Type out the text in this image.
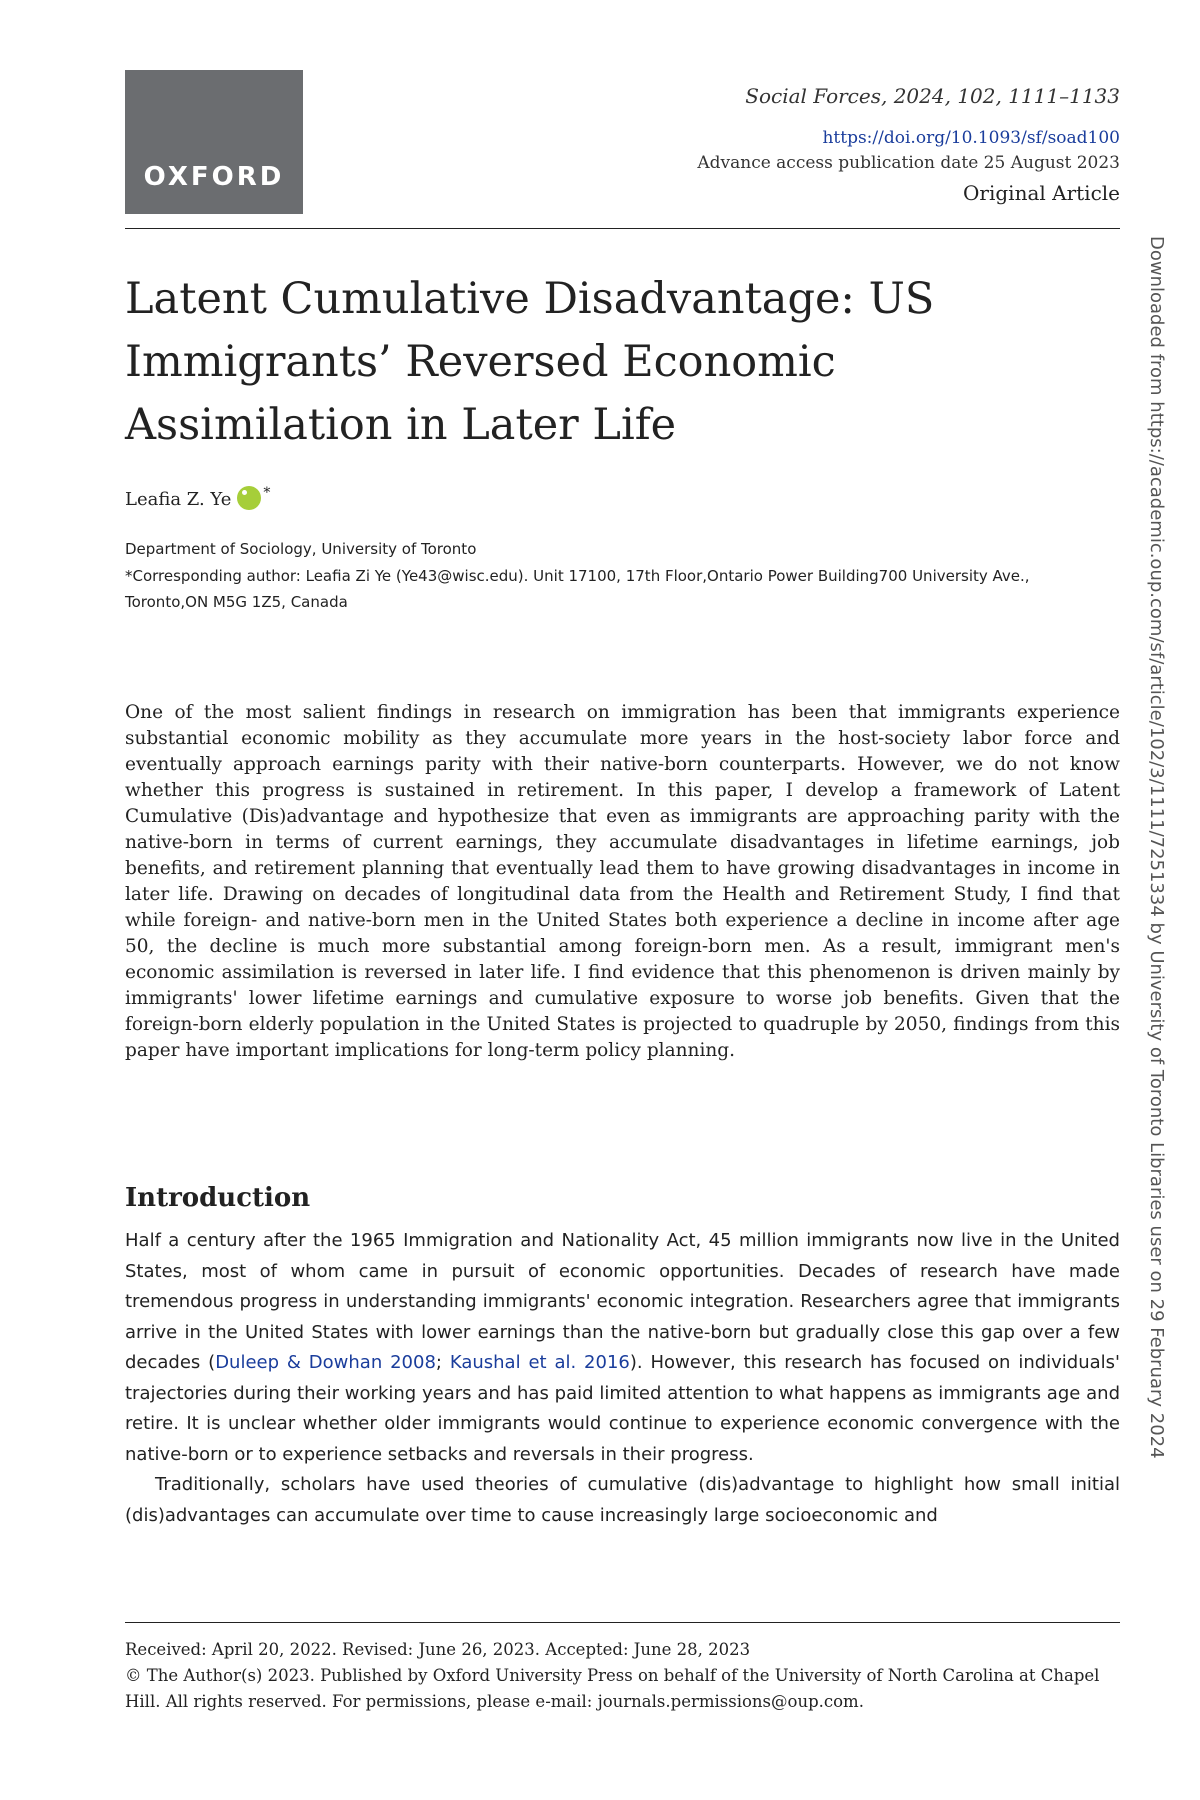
OXFORD
Social Forces, 2024, 102, 1111–1133
https://doi.org/10.1093/sf/soad100
Advance access publication date 25 August 2023
Original Article
Latent Cumulative Disadvantage: US Immigrants’ Reversed Economic Assimilation in Later Life
Leafia Z. Ye *
Department of Sociology, University of Toronto
*Corresponding author: Leafia Zi Ye (Ye43@wisc.edu). Unit 17100, 17th Floor,Ontario Power Building700 University Ave., Toronto,ON M5G 1Z5, Canada

One of the most salient findings in research on immigration has been that immigrants experience substantial economic mobility as they accumulate more years in the host-society labor force and eventually approach earnings parity with their native-born counterparts. However, we do not know whether this progress is sustained in retirement. In this paper, I develop a framework of Latent Cumulative (Dis)advantage and hypothesize that even as immigrants are approaching parity with the native-born in terms of current earnings, they accumulate disadvantages in lifetime earnings, job benefits, and retirement planning that eventually lead them to have growing disadvantages in income in later life. Drawing on decades of longitudinal data from the Health and Retirement Study, I find that while foreign- and native-born men in the United States both experience a decline in income after age 50, the decline is much more substantial among foreign-born men. As a result, immigrant men's economic assimilation is reversed in later life. I find evidence that this phenomenon is driven mainly by immigrants' lower lifetime earnings and cumulative exposure to worse job benefits. Given that the foreign-born elderly population in the United States is projected to quadruple by 2050, findings from this paper have important implications for long-term policy planning.

Introduction

Half a century after the 1965 Immigration and Nationality Act, 45 million immigrants now live in the United States, most of whom came in pursuit of economic opportunities. Decades of research have made tremendous progress in understanding immigrants' economic integration. Researchers agree that immigrants arrive in the United States with lower earnings than the native-born but gradually close this gap over a few decades (Duleep & Dowhan 2008; Kaushal et al. 2016). However, this research has focused on individuals' trajectories during their working years and has paid limited attention to what happens as immigrants age and retire. It is unclear whether older immigrants would continue to experience economic convergence with the native-born or to experience setbacks and reversals in their progress.

Traditionally, scholars have used theories of cumulative (dis)advantage to highlight how small initial (dis)advantages can accumulate over time to cause increasingly large socioeconomic and

Received: April 20, 2022. Revised: June 26, 2023. Accepted: June 28, 2023

© The Author(s) 2023. Published by Oxford University Press on behalf of the University of North Carolina at Chapel Hill. All rights reserved. For permissions, please e-mail: journals.permissions@oup.com.

Downloaded from https://academic.oup.com/sf/article/102/3/1111/7251334 by University of Toronto Libraries user on 29 February 2024
